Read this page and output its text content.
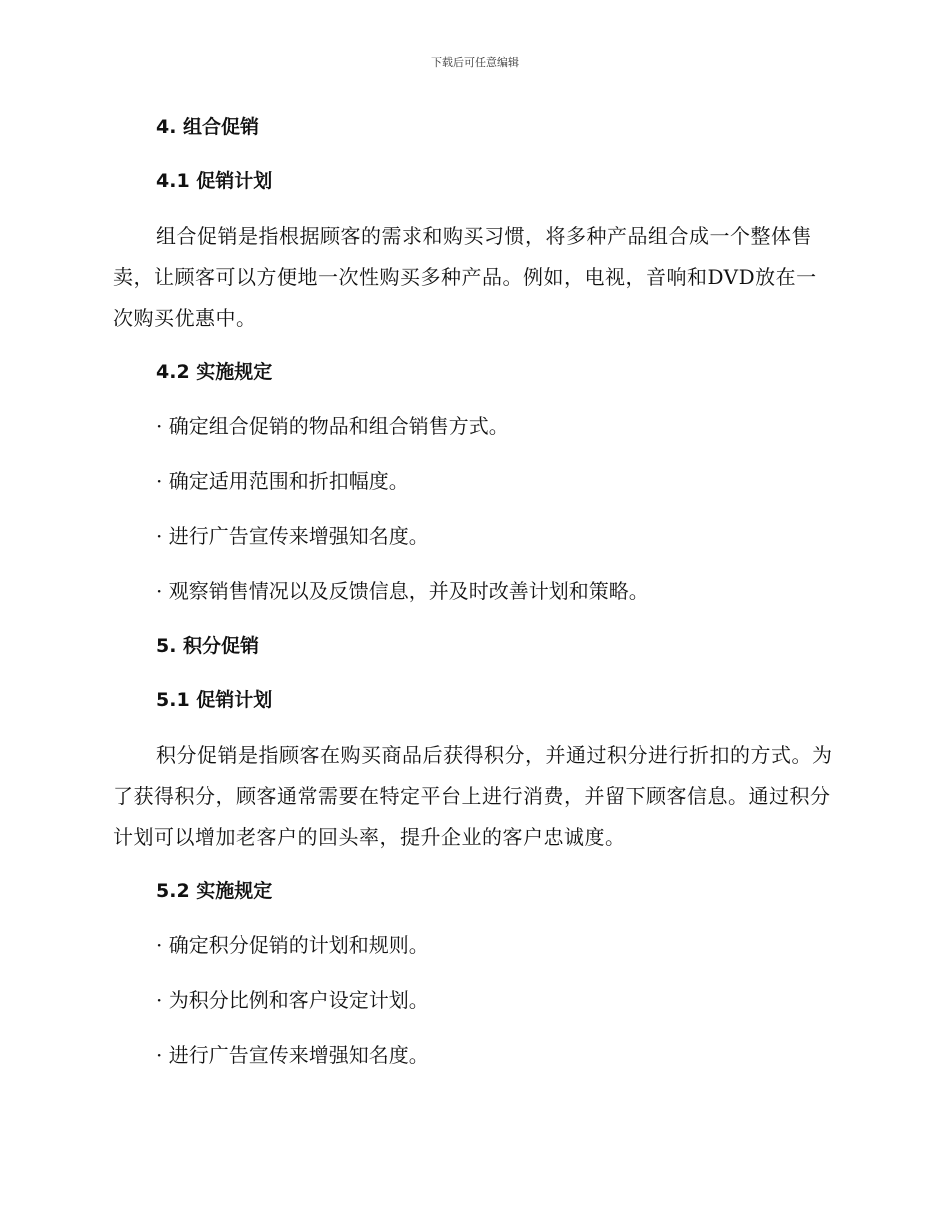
下载后可任意编辑
4. 组合促销
4.1 促销计划
组合促销是指根据顾客的需求和购买习惯，将多种产品组合成一个整体售卖，让顾客可以方便地一次性购买多种产品。例如，电视，音响和DVD放在一次购买优惠中。
4.2 实施规定
· 确定组合促销的物品和组合销售方式。
· 确定适用范围和折扣幅度。
· 进行广告宣传来增强知名度。
· 观察销售情况以及反馈信息，并及时改善计划和策略。
5. 积分促销
5.1 促销计划
积分促销是指顾客在购买商品后获得积分，并通过积分进行折扣的方式。为了获得积分，顾客通常需要在特定平台上进行消费，并留下顾客信息。通过积分计划可以增加老客户的回头率，提升企业的客户忠诚度。
5.2 实施规定
· 确定积分促销的计划和规则。
· 为积分比例和客户设定计划。
· 进行广告宣传来增强知名度。
